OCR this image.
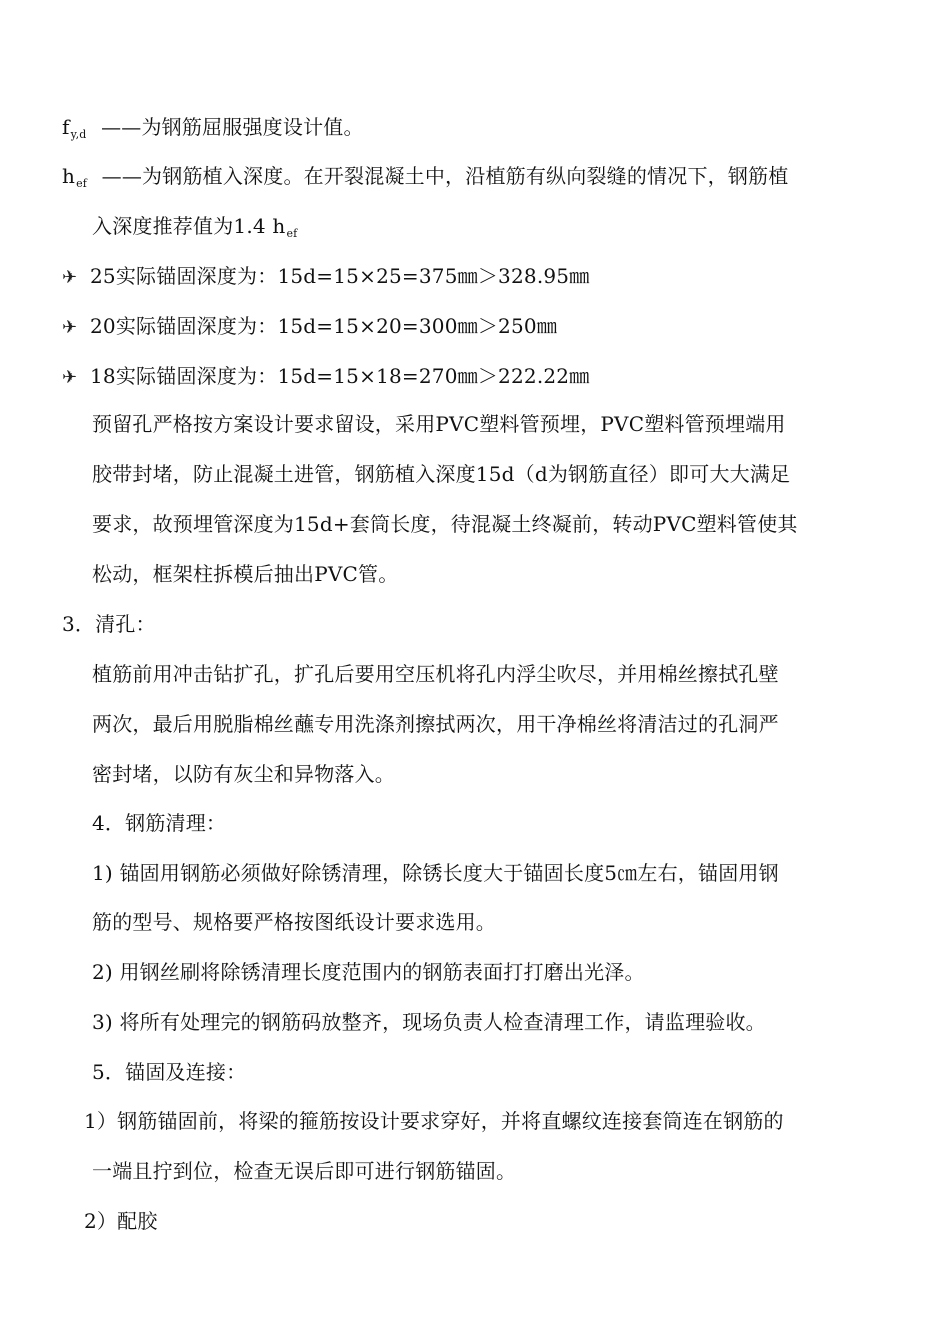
$f_{y,d}$ ——为钢筋屈服强度设计值。
$h_{ef}$ ——为钢筋植入深度。在开裂混凝土中，沿植筋有纵向裂缝的情况下，钢筋植
入深度推荐值为1.4 $h_{ef}$
✈ 25实际锚固深度为：15d=15×25=375㎜＞328.95㎜
✈ 20实际锚固深度为：15d=15×20=300㎜＞250㎜
✈ 18实际锚固深度为：15d=15×18=270㎜＞222.22㎜
预留孔严格按方案设计要求留设，采用PVC塑料管预埋，PVC塑料管预埋端用
胶带封堵，防止混凝土进管，钢筋植入深度15d（d为钢筋直径）即可大大满足
要求，故预埋管深度为15d+套筒长度，待混凝土终凝前，转动PVC塑料管使其
松动，框架柱拆模后抽出PVC管。
3．清孔：
植筋前用冲击钻扩孔，扩孔后要用空压机将孔内浮尘吹尽，并用棉丝擦拭孔壁
两次，最后用脱脂棉丝蘸专用洗涤剂擦拭两次，用干净棉丝将清洁过的孔洞严
密封堵，以防有灰尘和异物落入。
4．钢筋清理：
1) 锚固用钢筋必须做好除锈清理，除锈长度大于锚固长度5㎝左右，锚固用钢
筋的型号、规格要严格按图纸设计要求选用。
2) 用钢丝刷将除锈清理长度范围内的钢筋表面打打磨出光泽。
3) 将所有处理完的钢筋码放整齐，现场负责人检查清理工作，请监理验收。
5．锚固及连接：
1）钢筋锚固前，将梁的箍筋按设计要求穿好，并将直螺纹连接套筒连在钢筋的
一端且拧到位，检查无误后即可进行钢筋锚固。
2）配胶
